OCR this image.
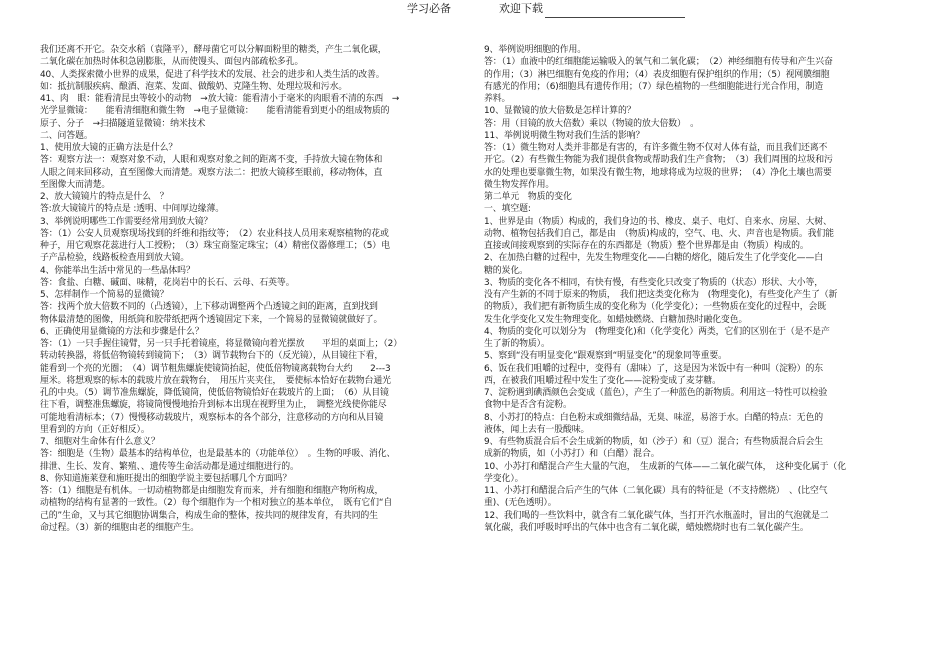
学习必备	欢迎下载

我们还离不开它。杂交水稻（袁隆平），酵母菌它可以分解面粉里的糖类，产生二氧化碳，

二氧化碳在加热时体积急剧膨胀，从而使馒头、面包内部疏松多孔。

40、人类探索微小世界的成果，促进了科学技术的发展、社会的进步和人类生活的改善。

如：抵抗制服疾病、酿酒、泡菜、发面、做酸奶、克隆生物、处理垃圾和污水。

41、肉　眼：能看清昆虫等较小的动物　→放大镜：能看清小于毫米的肉眼看不清的东西　→

光学显微镜：　　能看清细胞和微生物　→电子显微镜：　　能看清能看到更小的组成物质的

原子、分子　→扫描隧道显微镜：纳米技术

二、问答题。

1、使用放大镜的正确方法是什么？

答：观察方法一：观察对象不动，人眼和观察对象之间的距离不变，手持放大镜在物体和

人眼之间来回移动，直至图像大而清楚。观察方法二：把放大镜移至眼前，移动物体，直

至图像大而清楚。

2、放大镜镜片的特点是什么　？

答:放大镜镜片的特点是 :透明、中间厚边缘薄。

3、举例说明哪些工作需要经常用到放大镜？

答：（1）公安人员观察现场找到的纤维和指纹等；　（2）农业科技人员用来观察植物的花或

种子，用它观察花蕊进行人工授粉；　（3）珠宝商鉴定珠宝；（4）精密仪器修理工；（5）电

子产品检验，线路板检查用到放大镜。

4、你能举出生活中常见的一些晶体吗？

答：食盐、白糖、碱面、味精，花岗岩中的长石、云母、石英等。

5、怎样制作一个简易的显微镜？

答：找两个放大倍数不同的（凸透镜），上下移动调整两个凸透镜之间的距离，直到找到

物体最清楚的图像，用纸筒和胶带纸把两个透镜固定下来，一个简易的显微镜就做好了。

6、正确使用显微镜的方法和步骤是什么？

答：（1）一只手握住镜臂，另一只手托着镜座，将显微镜向着光摆放　　平坦的桌面上；（2）

转动转换器，将低倍物镜转到镜筒下；　（3）调节载物台下的（反光镜），从目镜往下看，

能看到一个亮的光圈；　（4）调节粗焦螺旋使镜筒抬起，使低倍物镜离载物台大约　　2---3

厘米。将想观察的标本的载玻片放在载物台，　用压片夹夹住，　要使标本恰好在载物台通光

孔的中央。（5）调节准焦螺旋，降低镜筒，使低倍物镜恰好在载玻片的上面；　（6）从目镜

往下看，调整准焦螺旋，将镜筒慢慢地抬升到标本出现在视野里为止，　调整光线使你能尽

可能地看清标本；（7）慢慢移动载玻片，观察标本的各个部分，注意移动的方向和从目镜

里看到的方向（正好相反）。

7、细胞对生命体有什么意义？

答：细胞是（生物）最基本的结构单位，也是最基本的（功能单位）　。生物的呼吸、消化、

排泄、生长、发育、繁殖、、遗传等生命活动都是通过细胞进行的。

8、你知道施莱登和施旺提出的细胞学说主要包括哪几个方面吗？

答：（1）细胞是有机体。一切动植物都是由细胞发育而来，并有细胞和细胞产物所构成，

动植物的结构有显著的一致性。（2）每个细胞作为一个相对独立的基本单位，　既有它们“自

己的”生命，又与其它细胞协调集合，构成生命的整体，按共同的规律发育，有共同的生

命过程。（3）新的细胞由老的细胞产生。

9、举例说明细胞的作用。

答：（1）血液中的红细胞能运输吸入的氧气和二氧化碳；　（2）神经细胞有传导和产生兴奋

的作用；（3）淋巴细胞有免疫的作用；（4）表皮细胞有保护组织的作用；（5）视网膜细胞

有感光的作用；（6)细胞具有遗传作用；（7）绿色植物的一些细胞能进行光合作用，制造

养料。

10、显微镜的放大倍数是怎样计算的？

答：用（目镜的放大倍数）乘以（物镜的放大倍数）　。

11、举例说明微生物对我们生活的影响？

答：（1）微生物对人类并非都是有害的，有许多微生物不仅对人体有益，而且我们还离不

开它。（2）有些微生物能为我们提供食物或帮助我们生产食物；　（3）我们周围的垃圾和污

水的处理也要靠微生物，如果没有微生物，地球将成为垃圾的世界；　（4）净化土壤也需要

微生物发挥作用。

第二单元　物质的变化

一、填空题:

1、世界是由（物质）构成的，我们身边的书、橡皮、桌子、电灯、自来水、房屋、大树、

动物、植物包括我们自己，都是由　（物质)构成的，空气、电、火、声音也是物质。我们能

直接或间接观察到的实际存在的东西都是（物质）整个世界都是由（物质）构成的。

2、在加热白糖的过程中，先发生物理变化——白糖的熔化，随后发生了化学变化——白

糖的炭化。

3、物质的变化各不相同，有快有慢，有些变化只改变了物质的（状态）形状、大小等，

没有产生新的不同于原来的物质，　我们把这类变化称为　(物理变化)，有些变化产生了（新

的物质），我们把有新物质生成的变化称为（化学变化）；一些物质在变化的过程中，会既

发生化学变化又发生物理变化。如蜡烛燃烧、白糖加热时融化变色。

4、物质的变化可以划分为　(物理变化)和（化学变化）两类，它们的区别在于（是不是产

生了新的物质）。

5、察到“没有明显变化”跟观察到“明显变化”的现象同等重要。

6、饭在我们咀嚼的过程中，变得有（甜味）了，这是因为米饭中有一种叫（淀粉）的东

西，在被我们咀嚼过程中发生了变化——淀粉变成了麦芽糖。

7、淀粉遇到碘酒颜色会变成（蓝色），产生了一种蓝色的新物质。利用这一特性可以检验

食物中是否含有淀粉。

8、小苏打的特点：白色粉末或细微结晶，无臭、味涩，易溶于水。白醋的特点：无色的

液体，闻上去有一股酸味。

9、有些物质混合后不会生成新的物质，如（沙子）和（豆）混合；有些物质混合后会生

成新的物质，如（小苏打）和（白醋）混合。

10、小苏打和醋混合产生大量的气泡，　生成新的气体——二氧化碳气体，　这种变化属于（化

学变化）。

11、小苏打和醋混合后产生的气体（二氧化碳）具有的特征是（不支持燃烧）　、(比空气

重)、(无色透明）。

12、我们喝的一些饮料中，就含有二氧化碳气体，当打开汽水瓶盖时，冒出的气泡就是二

氧化碳，我们呼吸时呼出的气体中也含有二氧化碳，蜡烛燃烧时也有二氧化碳产生。
